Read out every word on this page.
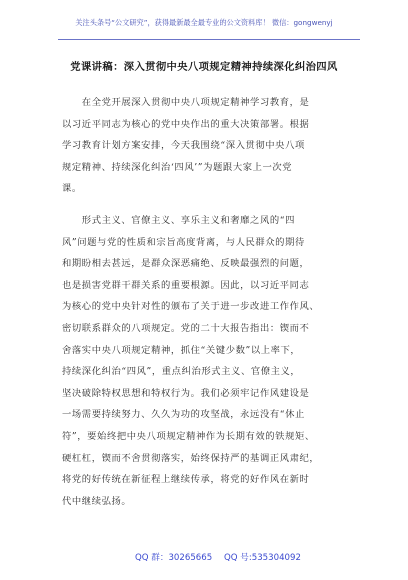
关注头条号“公文研究”，获得最新最全最专业的公文资料库！ 微信：gongwenyj
党课讲稿：深入贯彻中央八项规定精神持续深化纠治四风
　　在全党开展深入贯彻中央八项规定精神学习教育，是
以习近平同志为核心的党中央作出的重大决策部署。根据
学习教育计划方案安排，今天我围绕“深入贯彻中央八项
规定精神、持续深化纠治‘四风’”为题跟大家上一次党
课。
　　形式主义、官僚主义、享乐主义和奢靡之风的“四
风”问题与党的性质和宗旨高度背离，与人民群众的期待
和期盼相去甚远，是群众深恶痛绝、反映最强烈的问题，
也是损害党群干群关系的重要根源。因此，以习近平同志
为核心的党中央针对性的颁布了关于进一步改进工作作风、
密切联系群众的八项规定。党的二十大报告指出：锲而不
舍落实中央八项规定精神，抓住“关键少数”以上率下，
持续深化纠治“四风”，重点纠治形式主义、官僚主义，
坚决破除特权思想和特权行为。我们必须牢记作风建设是
一场需要持续努力、久久为功的攻坚战，永远没有“休止
符”，要始终把中央八项规定精神作为长期有效的铁规矩、
硬杠杠，锲而不舍贯彻落实，始终保持严的基调正风肃纪，
将党的好传统在新征程上继续传承，将党的好作风在新时
代中继续弘扬。
QQ 群：30265665 QQ 号:535304092
